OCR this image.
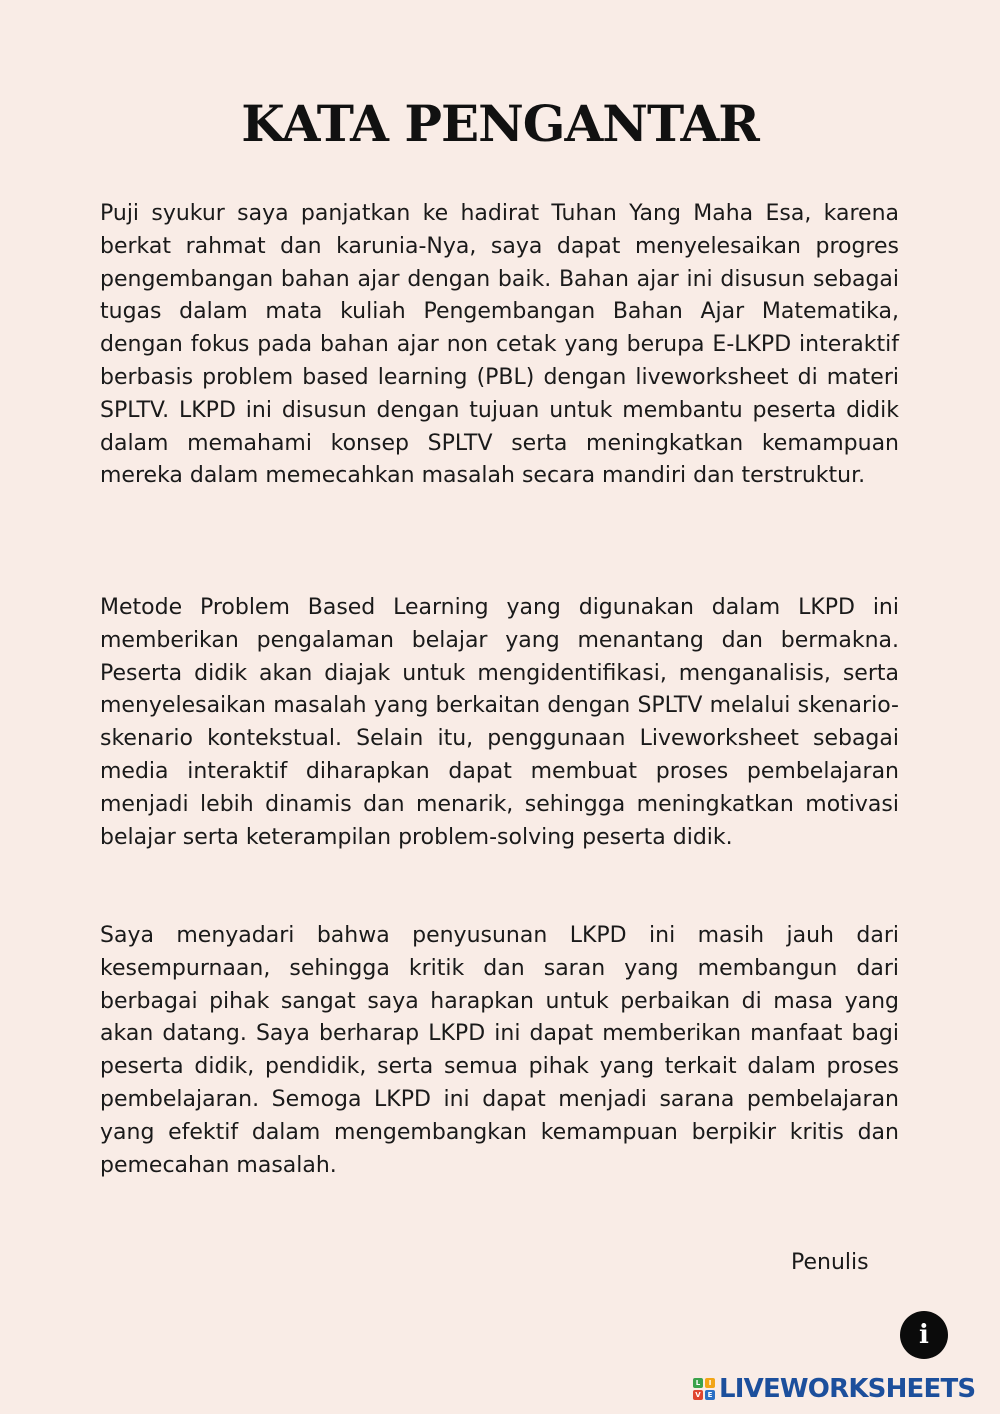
KATA PENGANTAR

Puji syukur saya panjatkan ke hadirat Tuhan Yang Maha Esa, karena berkat rahmat dan karunia-Nya, saya dapat menyelesaikan progres pengembangan bahan ajar dengan baik. Bahan ajar ini disusun sebagai tugas dalam mata kuliah Pengembangan Bahan Ajar Matematika, dengan fokus pada bahan ajar non cetak yang berupa E-LKPD interaktif berbasis problem based learning (PBL) dengan liveworksheet di materi SPLTV. LKPD ini disusun dengan tujuan untuk membantu peserta didik dalam memahami konsep SPLTV serta meningkatkan kemampuan mereka dalam memecahkan masalah secara mandiri dan terstruktur.

Metode Problem Based Learning yang digunakan dalam LKPD ini memberikan pengalaman belajar yang menantang dan bermakna. Peserta didik akan diajak untuk mengidentifikasi, menganalisis, serta menyelesaikan masalah yang berkaitan dengan SPLTV melalui skenario-skenario kontekstual. Selain itu, penggunaan Liveworksheet sebagai media interaktif diharapkan dapat membuat proses pembelajaran menjadi lebih dinamis dan menarik, sehingga meningkatkan motivasi belajar serta keterampilan problem-solving peserta didik.

Saya menyadari bahwa penyusunan LKPD ini masih jauh dari kesempurnaan, sehingga kritik dan saran yang membangun dari berbagai pihak sangat saya harapkan untuk perbaikan di masa yang akan datang. Saya berharap LKPD ini dapat memberikan manfaat bagi peserta didik, pendidik, serta semua pihak yang terkait dalam proses pembelajaran. Semoga LKPD ini dapat menjadi sarana pembelajaran yang efektif dalam mengembangkan kemampuan berpikir kritis dan pemecahan masalah.

Penulis
i
L	I
V E LIVEWORKSHEETS
